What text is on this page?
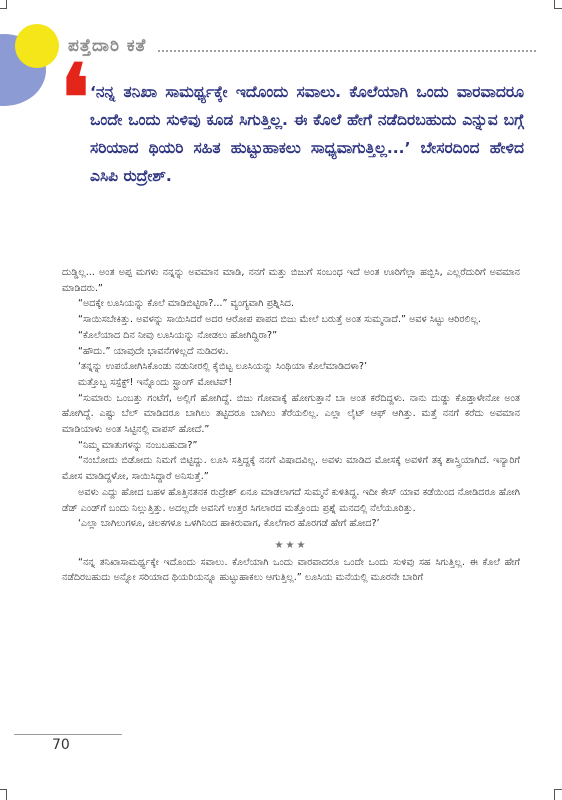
ಪತ್ತೆದಾರಿ ಕತೆ
❛ ‘ನನ್ನ ತನಿಖಾ ಸಾಮರ್ಥ್ಯಕ್ಕೇ ಇದೊಂದು ಸವಾಲು. ಕೊಲೆಯಾಗಿ ಒಂದು ವಾರವಾದರೂ ಒಂದೇ ಒಂದು ಸುಳಿವು ಕೂಡ ಸಿಗುತ್ತಿಲ್ಲ. ಈ ಕೊಲೆ ಹೇಗೆ ನಡೆದಿರಬಹುದು ಎನ್ನುವ ಬಗ್ಗೆ ಸರಿಯಾದ ಥಿಯರಿ ಸಹಿತ ಹುಟ್ಟುಹಾಕಲು ಸಾಧ್ಯವಾಗುತ್ತಿಲ್ಲ...’ ಬೇಸರದಿಂದ ಹೇಳಿದ ಎಸಿಪಿ ರುದ್ರೇಶ್.

ದುಡ್ಡಿಲ್ಲ... ಅಂತ ಅಪ್ಪ ಮಗಳು ನನ್ನನ್ನು ಅವಮಾನ ಮಾಡಿ, ನನಗೆ ಮತ್ತು ಬಿಜುಗೆ ಸಂಬಂಧ ಇದೆ ಅಂತ ಊರಿಗೆಲ್ಲಾ ಹಬ್ಬಿಸಿ, ಎಲ್ಲರೆದುರಿಗೆ ಅವಮಾನ ಮಾಡಿದರು.”

“ಅದಕ್ಕೇ ಲೂಸಿಯನ್ನು ಕೊಲೆ ಮಾಡಿಬಿಟ್ಟಿರಾ?...” ವ್ಯಂಗ್ಯವಾಗಿ ಪ್ರಶ್ನಿಸಿದ.

“ಸಾಯಿಸಬೇಕಿತ್ತು. ಅವಳನ್ನು ಸಾಯಿಸಿದರೆ ಅದರ ಆರೋಪ ಪಾಪದ ಬಿಜು ಮೇಲೆ ಬರುತ್ತೆ ಅಂತ ಸುಮ್ಮನಾದೆ.” ಅವಳ ಸಿಟ್ಟು ಆರಿರಲಿಲ್ಲ.

“ಕೊಲೆಯಾದ ದಿನ ನೀವು ಲೂಸಿಯನ್ನು ನೋಡಲು ಹೋಗಿದ್ದಿರಾ?”

“ಹೌದು.” ಯಾವುದೇ ಭಾವನೆಗಳಿಲ್ಲದೆ ನುಡಿದಳು.

‘ತನ್ನನ್ನು ಉಪಯೋಗಿಸಿಕೊಂಡು ನಡುನೀರಲ್ಲಿ ಕೈಬಿಟ್ಟ ಲೂಸಿಯನ್ನು ಸಿಂಥಿಯಾ ಕೊಲೆಮಾಡಿದಳಾ?’

ಮತ್ತೊಬ್ಬ ಸಸ್ಪೆಕ್ಟ್! ಇನ್ನೊಂದು ಸ್ಟ್ರಾಂಗ್ ಮೋಟಿವ್!

“ಸುಮಾರು ಒಂಬತ್ತು ಗಂಟೆಗೆ, ಅಲ್ಲಿಗೆ ಹೋಗಿದ್ದೆ. ಬಿಜು ಗೋವಾಕ್ಕೆ ಹೋಗುತ್ತಾನೆ ಬಾ ಅಂತ ಕರೆದಿದ್ದಳು. ನಾನು ದುಡ್ಡು ಕೊಡ್ತಾಳೇನೋ ಅಂತ ಹೋಗಿದ್ದೆ. ಎಷ್ಟು ಬೆಲ್ ಮಾಡಿದರೂ ಬಾಗಿಲು ತಟ್ಟಿದರೂ ಬಾಗಿಲು ತೆರೆಯಲಿಲ್ಲ. ಎಲ್ಲಾ ಲೈಟ್ ಆಫ್ ಆಗಿತ್ತು. ಮತ್ತೆ ನನಗೆ ಕರೆದು ಅವಮಾನ ಮಾಡಿಯಾಳು ಅಂತ ಸಿಟ್ಟಿನಲ್ಲಿ ವಾಪಸ್ ಹೋದೆ.”

“ನಿಮ್ಮ ಮಾತುಗಳನ್ನು ನಂಬಬಹುದಾ?”

“ನಂಬೋದು ಬಿಡೋದು ನಿಮಗೆ ಬಿಟ್ಟಿದ್ದು. ಲೂಸಿ ಸತ್ತಿದ್ದಕ್ಕೆ ನನಗೆ ವಿಷಾದವಿಲ್ಲ. ಅವಳು ಮಾಡಿದ ಮೋಸಕ್ಕೆ ಅವಳಿಗೆ ತಕ್ಕ ಶಾಸ್ತ್ರಿಯಾಗಿದೆ. ಇನ್ಯಾರಿಗೆ ಮೋಸ ಮಾಡಿದ್ದಳೋ, ಸಾಯಿಸಿದ್ದಾರೆ ಅನಿಸುತ್ತೆ.”

ಅವಳು ಎದ್ದು ಹೋದ ಬಹಳ ಹೊತ್ತಿನತನಕ ರುದ್ರೇಶ್ ಏನೂ ಮಾಡಲಾಗದೆ ಸುಮ್ಮನೆ ಕುಳಿತಿದ್ದ. ಇದೀ ಕೇಸ್ ಯಾವ ಕಡೆಯಿಂದ ನೋಡಿದರೂ ಹೋಗಿ ಡೆಡ್ ಎಂಡ್‌ಗೆ ಬಂದು ನಿಲ್ಲುತ್ತಿತ್ತು. ಅದಲ್ಲದೇ ಅವನಿಗೆ ಉತ್ತರ ಸಿಗಲಾರದ ಮತ್ತೊಂದು ಪ್ರಶ್ನೆ ಮನದಲ್ಲಿ ನೆಲೆಯೂರಿತ್ತು.

‘ಎಲ್ಲಾ ಬಾಗಿಲುಗಳೂ, ಚಿಲಕಗಳೂ ಒಳಗಿನಿಂದ ಹಾಕಿರುವಾಗ, ಕೊಲೆಗಾರ ಹೊರಗಡೆ ಹೇಗೆ ಹೋದ?’

★★★

“ನನ್ನ ತನಿಖಾಸಾಮರ್ಥ್ಯಕ್ಕೇ ಇದೊಂದು ಸವಾಲು. ಕೊಲೆಯಾಗಿ ಒಂದು ವಾರವಾದರೂ ಒಂದೇ ಒಂದು ಸುಳಿವು ಸಹ ಸಿಗುತ್ತಿಲ್ಲ. ಈ ಕೊಲೆ ಹೇಗೆ ನಡೆದಿರಬಹುದು ಅನ್ನೋ ಸರಿಯಾದ ಥಿಯರಿಯನ್ನೂ ಹುಟ್ಟುಹಾಕಲು ಆಗುತ್ತಿಲ್ಲ.” ಲೂಸಿಯ ಮನೆಯಲ್ಲಿ ಮೂರನೇ ಬಾರಿಗೆ

70
